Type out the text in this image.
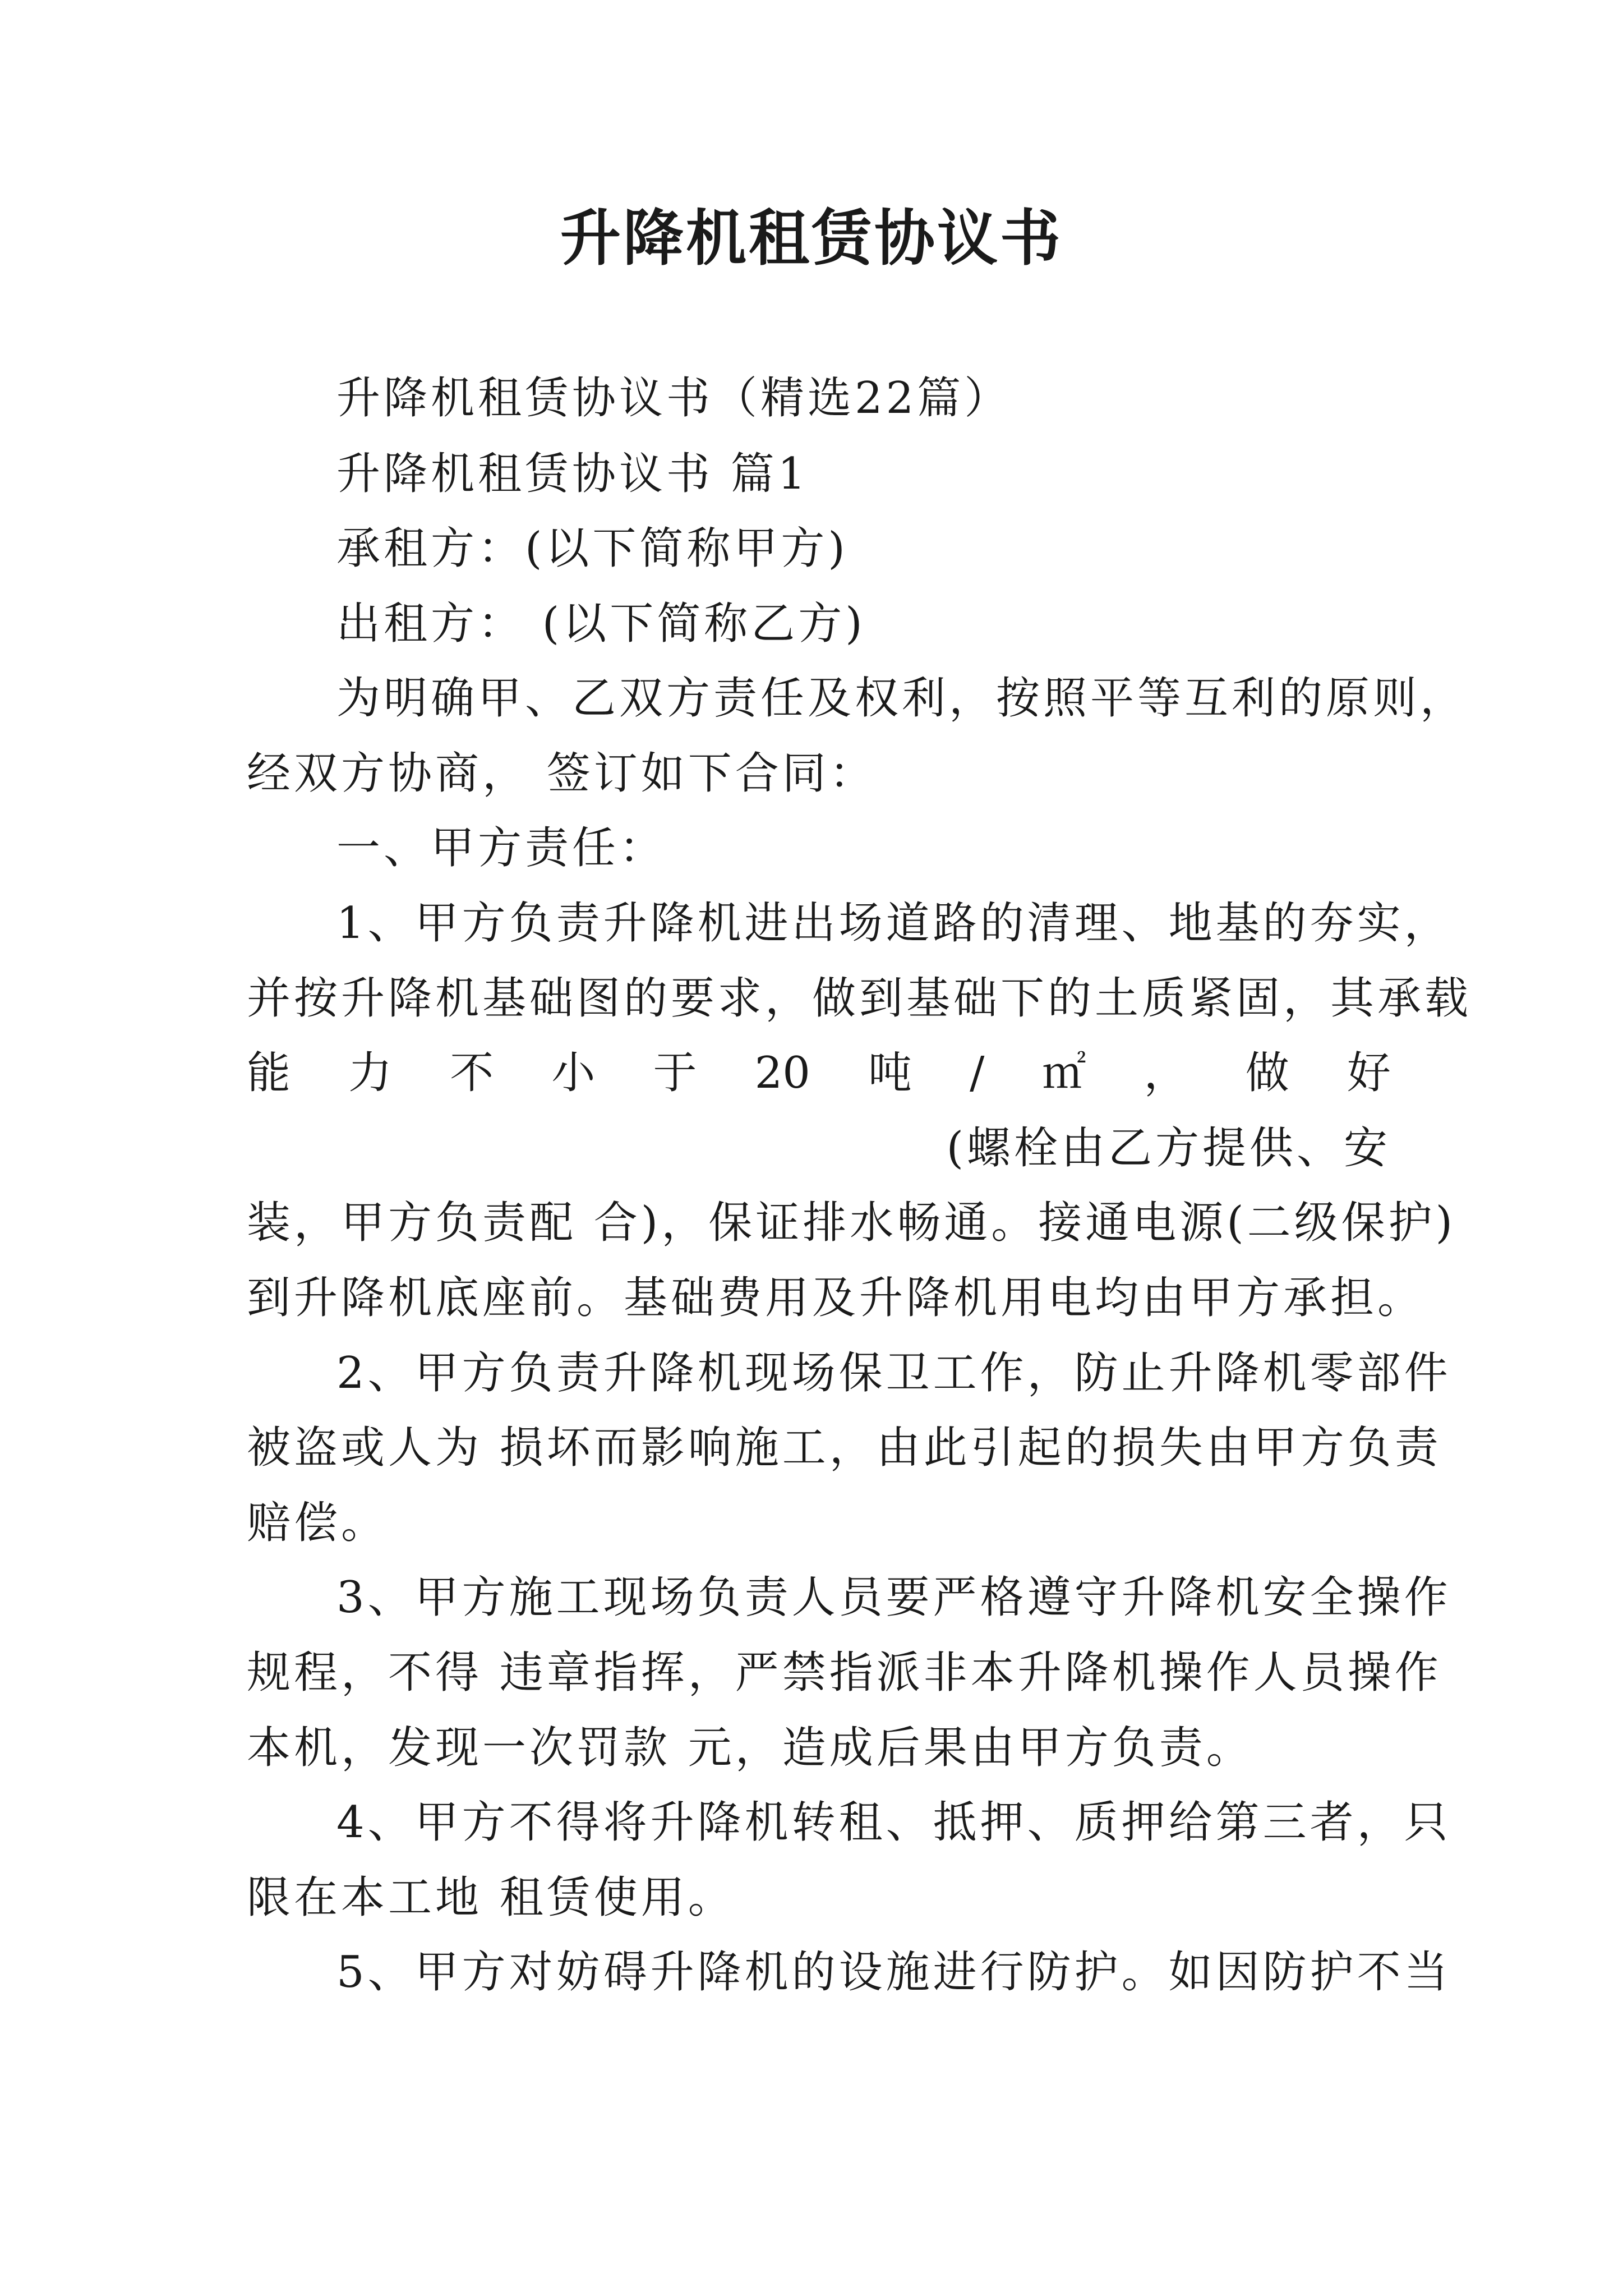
升降机租赁协议书
升降机租赁协议书（精选22篇）
升降机租赁协议书 篇1
承租方：(以下简称甲方)
出租方： (以下简称乙方)
为明确甲、乙双方责任及权利，按照平等互利的原则，
经双方协商， 签订如下合同：
一、甲方责任：
1、甲方负责升降机进出场道路的清理、地基的夯实，
并按升降机基础图的要求，做到基础下的土质紧固，其承载
能 力 不 小 于 20 吨 / ㎡ ， 做 好
(螺栓由乙方提供、安
装，甲方负责配 合)，保证排水畅通。接通电源(二级保护)
到升降机底座前。基础费用及升降机用电均由甲方承担。
2、甲方负责升降机现场保卫工作，防止升降机零部件
被盗或人为 损坏而影响施工，由此引起的损失由甲方负责
赔偿。
3、甲方施工现场负责人员要严格遵守升降机安全操作
规程，不得 违章指挥，严禁指派非本升降机操作人员操作
本机，发现一次罚款 元，造成后果由甲方负责。
4、甲方不得将升降机转租、抵押、质押给第三者，只
限在本工地 租赁使用。
5、甲方对妨碍升降机的设施进行防护。如因防护不当
